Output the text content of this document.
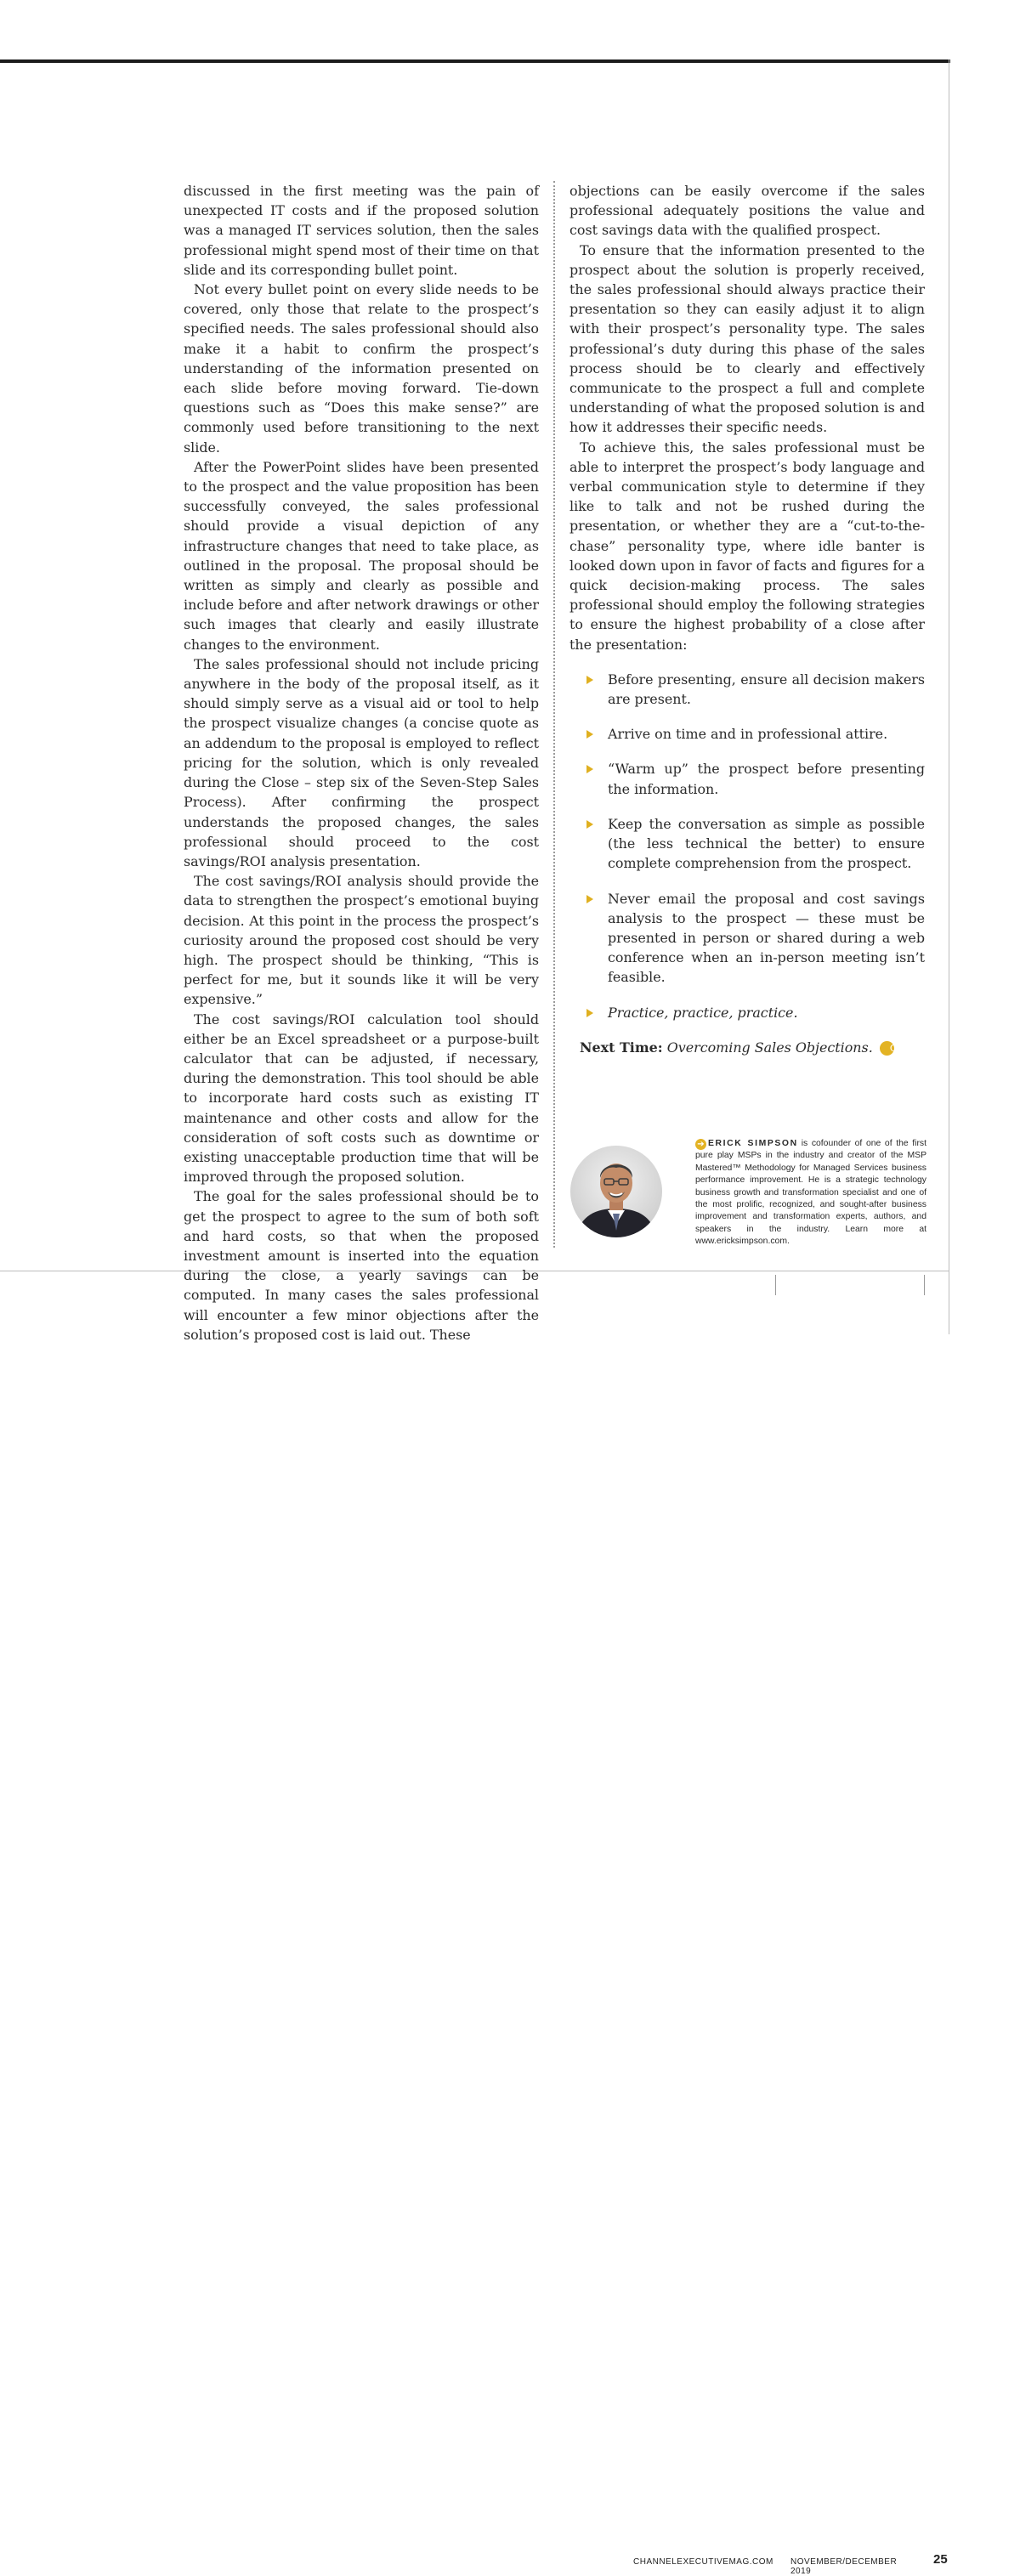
discussed in the first meeting was the pain of unexpected IT costs and if the proposed solution was a managed IT services solution, then the sales professional might spend most of their time on that slide and its corresponding bullet point.

Not every bullet point on every slide needs to be covered, only those that relate to the prospect’s specified needs. The sales professional should also make it a habit to confirm the prospect’s understanding of the information presented on each slide before moving forward. Tie-down questions such as “Does this make sense?” are commonly used before transitioning to the next slide.

After the PowerPoint slides have been presented to the prospect and the value proposition has been successfully conveyed, the sales professional should provide a visual depiction of any infrastructure changes that need to take place, as outlined in the proposal. The proposal should be written as simply and clearly as possible and include before and after network drawings or other such images that clearly and easily illustrate changes to the environment.

The sales professional should not include pricing anywhere in the body of the proposal itself, as it should simply serve as a visual aid or tool to help the prospect visualize changes (a concise quote as an addendum to the proposal is employed to reflect pricing for the solution, which is only revealed during the Close – step six of the Seven-Step Sales Process). After confirming the prospect understands the proposed changes, the sales professional should proceed to the cost savings/ROI analysis presentation.

The cost savings/ROI analysis should provide the data to strengthen the prospect’s emotional buying decision. At this point in the process the prospect’s curiosity around the proposed cost should be very high. The prospect should be thinking, “This is perfect for me, but it sounds like it will be very expensive.”

The cost savings/ROI calculation tool should either be an Excel spreadsheet or a purpose-built calculator that can be adjusted, if necessary, during the demonstration. This tool should be able to incorporate hard costs such as existing IT maintenance and other costs and allow for the consideration of soft costs such as downtime or existing unacceptable production time that will be improved through the proposed solution.

The goal for the sales professional should be to get the prospect to agree to the sum of both soft and hard costs, so that when the proposed investment amount is inserted into the equation during the close, a yearly savings can be computed. In many cases the sales professional will encounter a few minor objections after the solution’s proposed cost is laid out. These

objections can be easily overcome if the sales professional adequately positions the value and cost savings data with the qualified prospect.

To ensure that the information presented to the prospect about the solution is properly received, the sales professional should always practice their presentation so they can easily adjust it to align with their prospect’s personality type. The sales professional’s duty during this phase of the sales process should be to clearly and effectively communicate to the prospect a full and complete understanding of what the proposed solution is and how it addresses their specific needs.

To achieve this, the sales professional must be able to interpret the prospect’s body language and verbal communication style to determine if they like to talk and not be rushed during the presentation, or whether they are a “cut-to-the-chase” personality type, where idle banter is looked down upon in favor of facts and figures for a quick decision-making process. The sales professional should employ the following strategies to ensure the highest probability of a close after the presentation:

Before presenting, ensure all decision makers are present.
Arrive on time and in professional attire.
“Warm up” the prospect before presenting the information.
Keep the conversation as simple as possible (the less technical the better) to ensure complete comprehension from the prospect.
Never email the proposal and cost savings analysis to the prospect — these must be presented in person or shared during a web conference when an in-person meeting isn’t feasible.
Practice, practice, practice.

Next Time: Overcoming Sales Objections. C

➔ ERICK SIMPSON is cofounder of one of the first pure play MSPs in the industry and creator of the MSP Mastered™ Methodology for Managed Services business performance improvement. He is a strategic technology business growth and transformation specialist and one of the most prolific, recognized, and sought-after business improvement and transformation experts, authors, and speakers in the industry. Learn more at www.ericksimpson.com.
CHANNELEXECUTIVEMAG.COM NOVEMBER/DECEMBER 2019
25
